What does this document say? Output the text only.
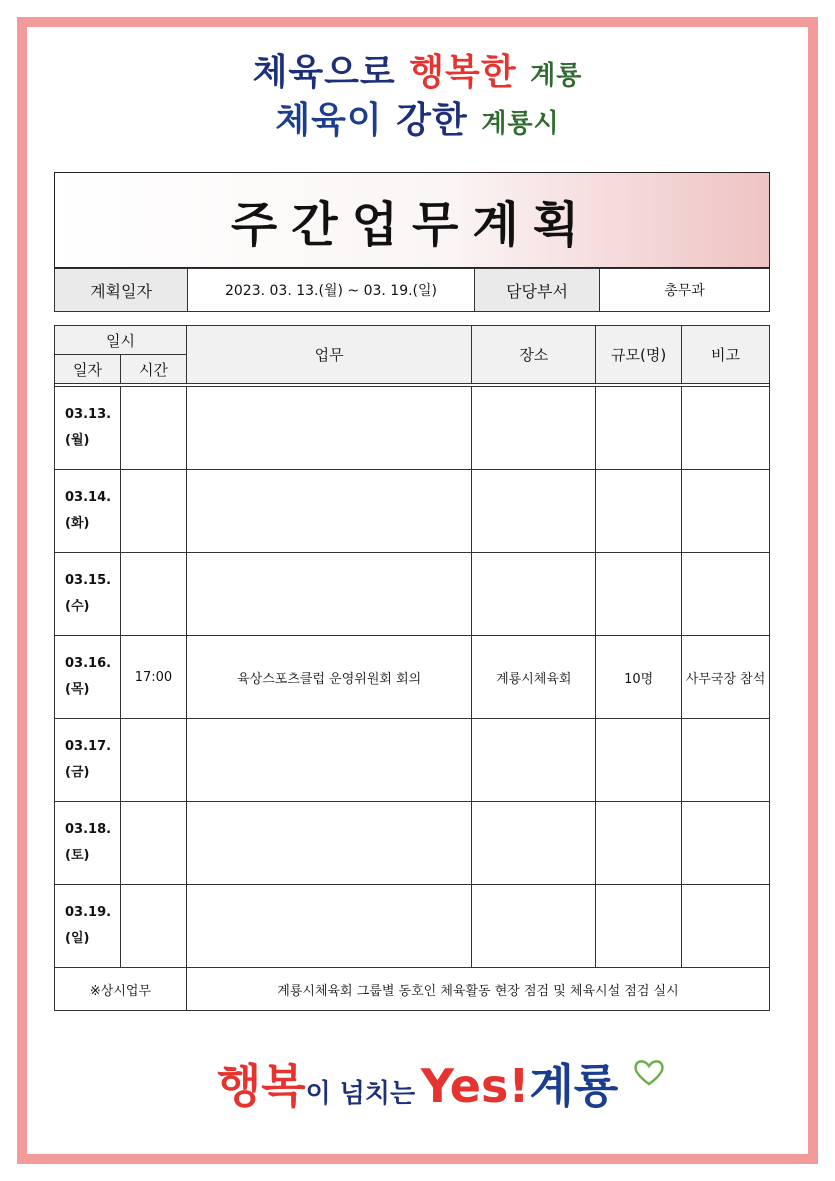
체육으로 행복한 계룡
체육이 강한 계룡시
주간업무계획
계획일자	2023. 03. 13.(월) ~ 03. 19.(일)	담당부서	총무과
일시		업무	장소	규모(명)	비고
일자	시간				

03.13.
(월)					

03.14.
(화)					

03.15.
(수)					

03.16.
(목)	17:00	육상스포츠클럽 운영위원회 회의	계룡시체육회	10명	사무국장 참석

03.17.
(금)					

03.18.
(토)					

03.19.
(일)					

※상시업무		계룡시체육회 그룹별 동호인 체육활동 현장 점검 및 체육시설 점검 실시			
행복이 넘치는 Yes!계룡
